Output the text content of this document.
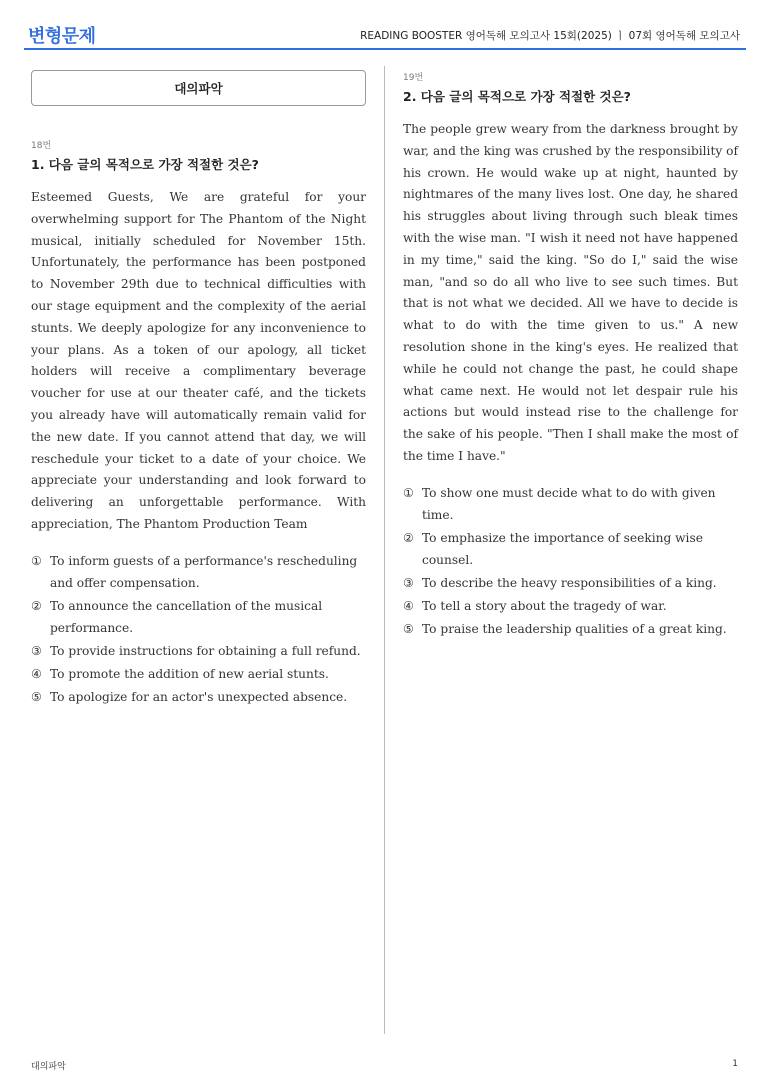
변형문제	READING BOOSTER 영어독해 모의고사 15회(2025) ㅣ 07회 영어독해 모의고사
대의파악
18번
1. 다음 글의 목적으로 가장 적절한 것은?
Esteemed Guests, We are grateful for your overwhelming support for The Phantom of the Night musical, initially scheduled for November 15th. Unfortunately, the performance has been postponed to November 29th due to technical difficulties with our stage equipment and the complexity of the aerial stunts. We deeply apologize for any inconvenience to your plans. As a token of our apology, all ticket holders will receive a complimentary beverage voucher for use at our theater café, and the tickets you already have will automatically remain valid for the new date. If you cannot attend that day, we will reschedule your ticket to a date of your choice. We appreciate your understanding and look forward to delivering an unforgettable performance. With appreciation, The Phantom Production Team
① To inform guests of a performance's rescheduling and offer compensation.
② To announce the cancellation of the musical performance.
③ To provide instructions for obtaining a full refund.
④ To promote the addition of new aerial stunts.
⑤ To apologize for an actor's unexpected absence.
19번
2. 다음 글의 목적으로 가장 적절한 것은?
The people grew weary from the darkness brought by war, and the king was crushed by the responsibility of his crown. He would wake up at night, haunted by nightmares of the many lives lost. One day, he shared his struggles about living through such bleak times with the wise man. "I wish it need not have happened in my time," said the king. "So do I," said the wise man, "and so do all who live to see such times. But that is not what we decided. All we have to decide is what to do with the time given to us." A new resolution shone in the king's eyes. He realized that while he could not change the past, he could shape what came next. He would not let despair rule his actions but would instead rise to the challenge for the sake of his people. "Then I shall make the most of the time I have."
① To show one must decide what to do with given time.
② To emphasize the importance of seeking wise counsel.
③ To describe the heavy responsibilities of a king.
④ To tell a story about the tragedy of war.
⑤ To praise the leadership qualities of a great king.
대의파악	1
